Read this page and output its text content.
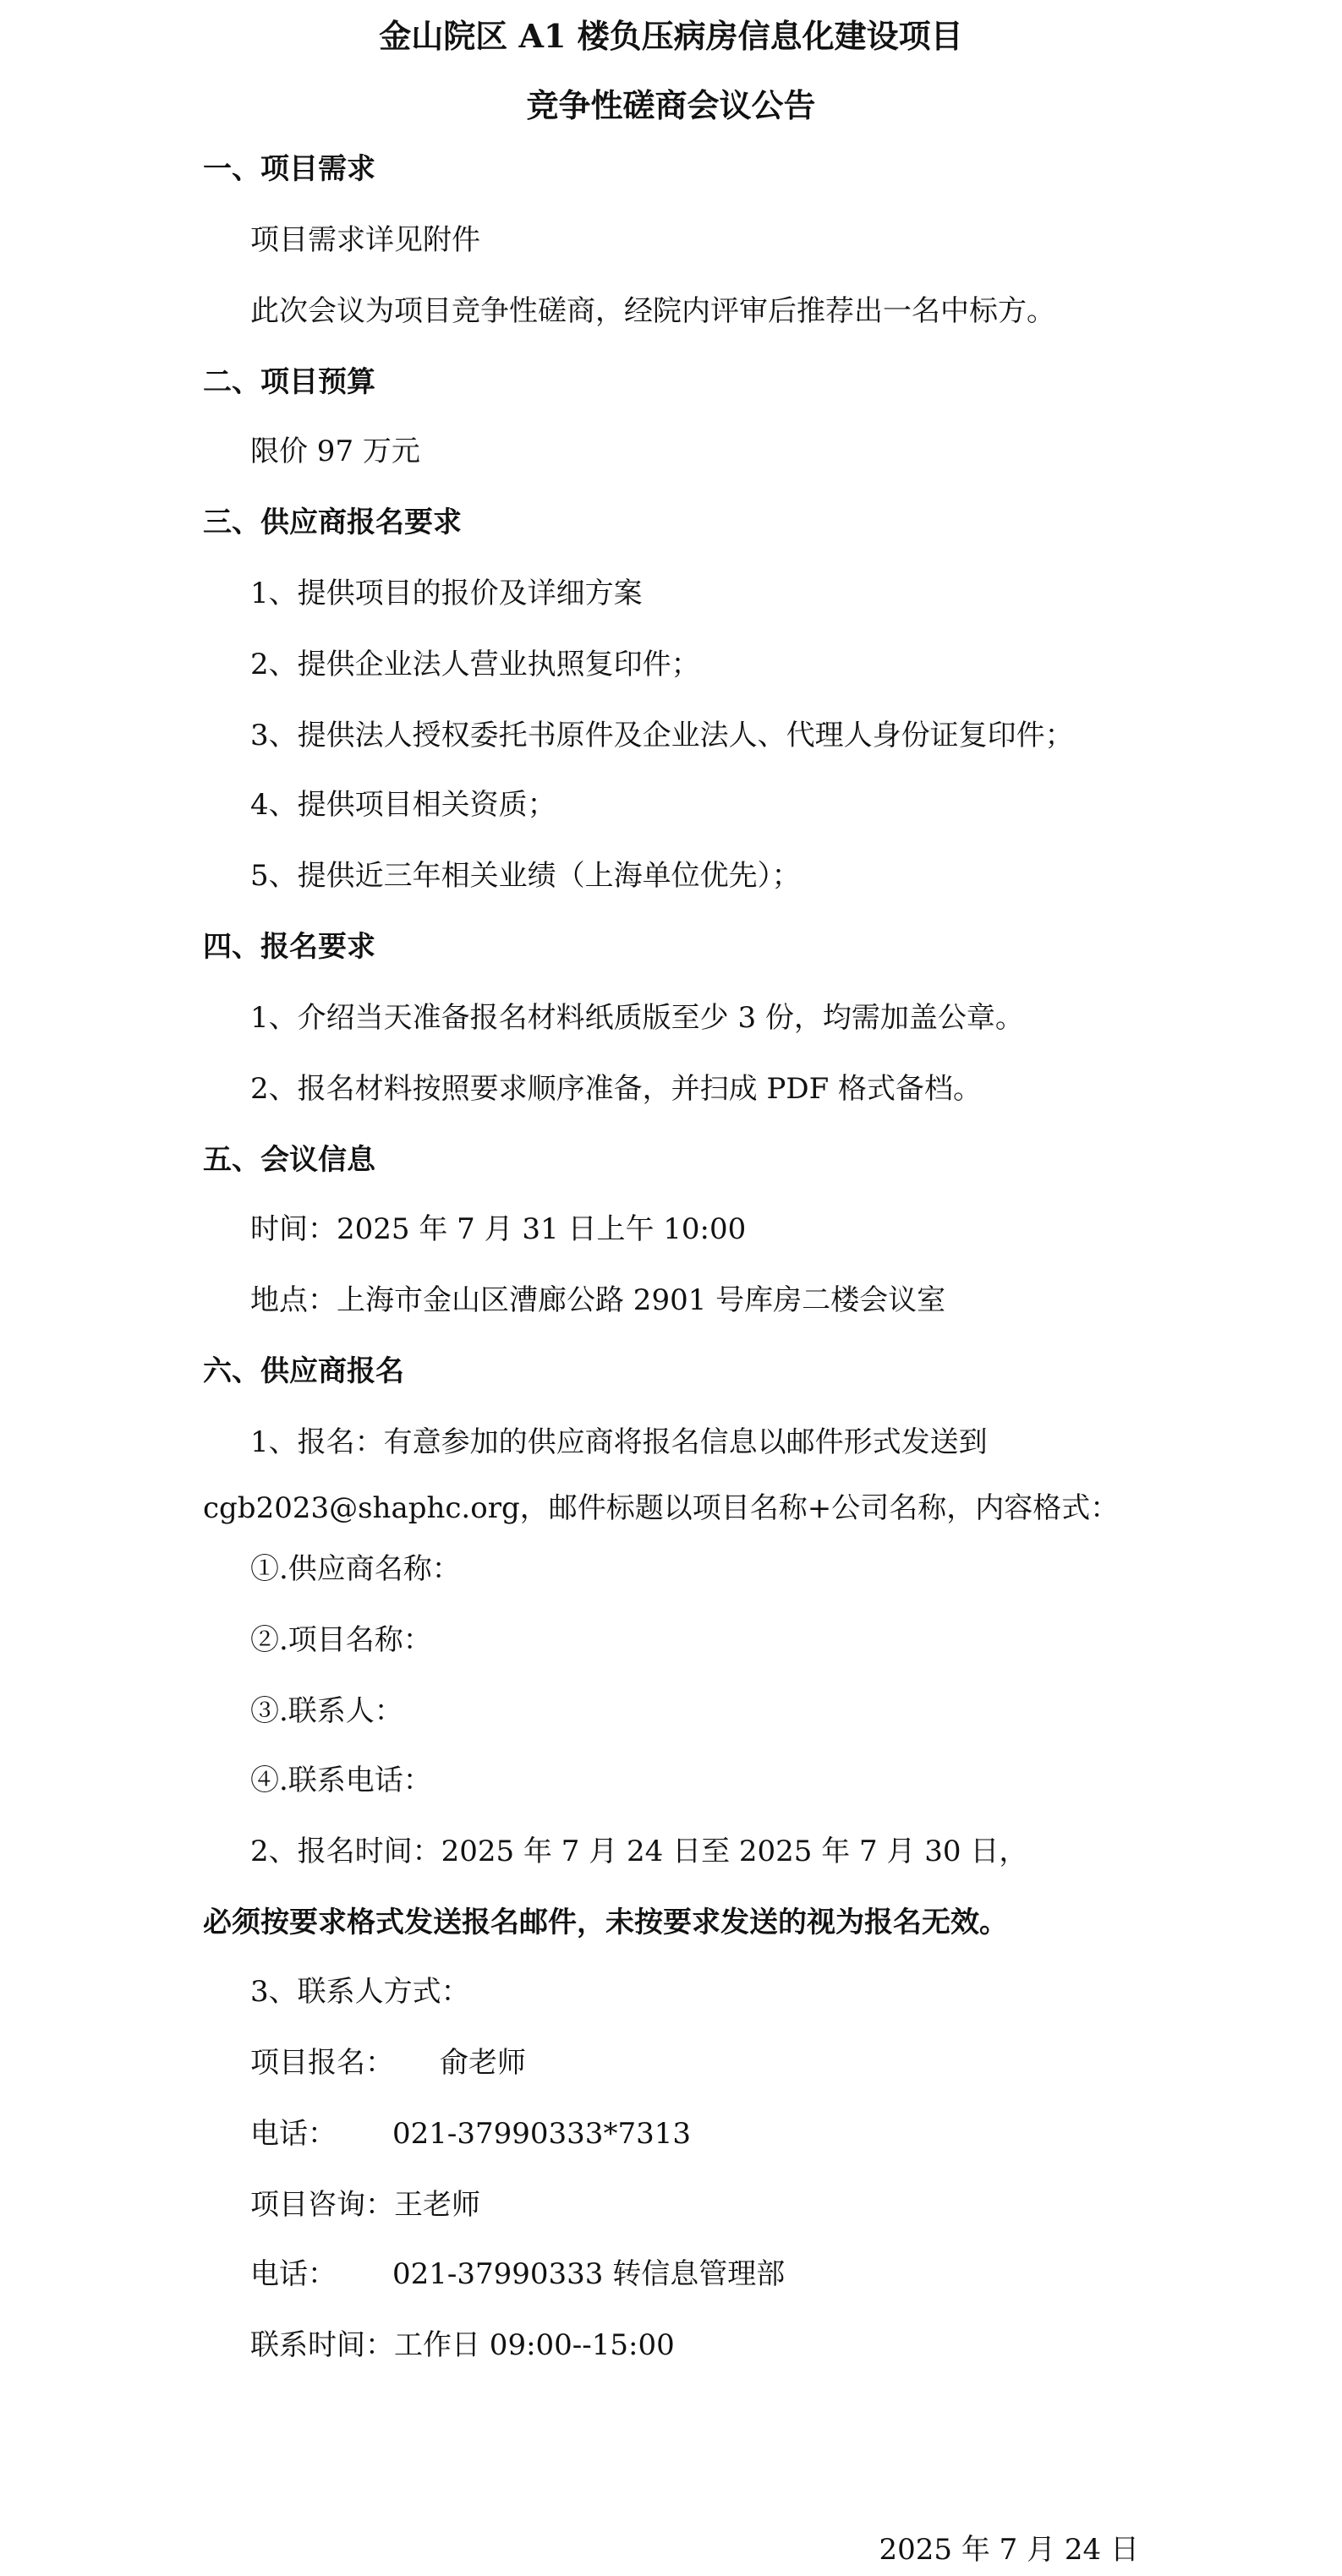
金山院区 A1 楼负压病房信息化建设项目
竞争性磋商会议公告
一、项目需求
项目需求详见附件
此次会议为项目竞争性磋商，经院内评审后推荐出一名中标方。
二、项目预算
限价 97 万元
三、供应商报名要求
1、提供项目的报价及详细方案
2、提供企业法人营业执照复印件；
3、提供法人授权委托书原件及企业法人、代理人身份证复印件；
4、提供项目相关资质；
5、提供近三年相关业绩（上海单位优先）；
四、报名要求
1、介绍当天准备报名材料纸质版至少 3 份，均需加盖公章。
2、报名材料按照要求顺序准备，并扫成 PDF 格式备档。
五、会议信息
时间：2025 年 7 月 31 日上午 10:00
地点：上海市金山区漕廊公路 2901 号库房二楼会议室
六、供应商报名
1、报名：有意参加的供应商将报名信息以邮件形式发送到
cgb2023@shaphc.org，邮件标题以项目名称+公司名称，内容格式：
①.供应商名称：
②.项目名称：
③.联系人：
④.联系电话：
2、报名时间：2025 年 7 月 24 日至 2025 年 7 月 30 日，
必须按要求格式发送报名邮件，未按要求发送的视为报名无效。
3、联系人方式：
项目报名： 俞老师
电话： 021-37990333*7313
项目咨询：王老师
电话： 021-37990333 转信息管理部
联系时间：工作日 09:00--15:00
2025 年 7 月 24 日
